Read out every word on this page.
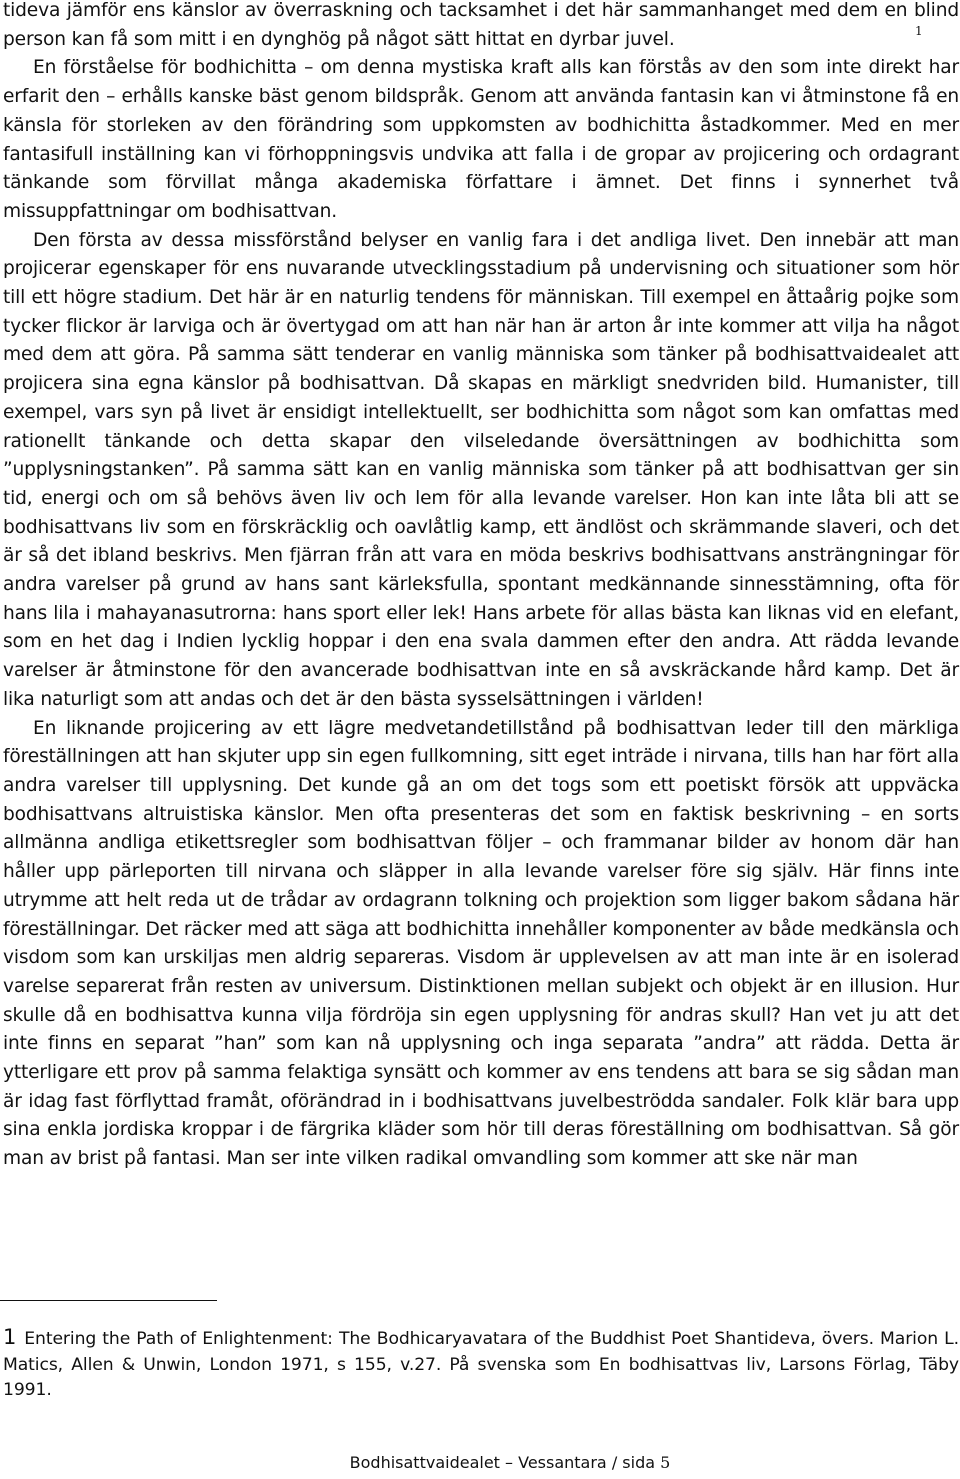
tideva jämför ens känslor av överraskning och tacksamhet i det här sammanhanget med dem en blind person kan få som mitt i en dynghög på något sätt hittat en dyrbar juvel.

En förståelse för bodhichitta – om denna mystiska kraft alls kan förstås av den som inte direkt har erfarit den – erhålls kanske bäst genom bildspråk. Genom att använda fantasin kan vi åtminstone få en känsla för storleken av den förändring som uppkomsten av bodhichitta åstadkommer. Med en mer fantasifull inställning kan vi förhoppningsvis undvika att falla i de gropar av projicering och ordagrant tänkande som förvillat många akademiska författare i ämnet. Det finns i synnerhet två missuppfattningar om bodhisattvan.

Den första av dessa missförstånd belyser en vanlig fara i det andliga livet. Den innebär att man projicerar egenskaper för ens nuvarande utvecklingsstadium på undervisning och situationer som hör till ett högre stadium. Det här är en naturlig tendens för människan. Till exempel en åttaårig pojke som tycker flickor är larviga och är övertygad om att han när han är arton år inte kommer att vilja ha något med dem att göra. På samma sätt tenderar en vanlig människa som tänker på bodhisattvaidealet att projicera sina egna känslor på bodhisattvan. Då skapas en märkligt snedvriden bild. Humanister, till exempel, vars syn på livet är ensidigt intellektuellt, ser bodhichitta som något som kan omfattas med rationellt tänkande och detta skapar den vilseledande översättningen av bodhichitta som ”upplysningstanken”. På samma sätt kan en vanlig människa som tänker på att bodhisattvan ger sin tid, energi och om så behövs även liv och lem för alla levande varelser. Hon kan inte låta bli att se bodhisattvans liv som en förskräcklig och oavlåtlig kamp, ett ändlöst och skrämmande slaveri, och det är så det ibland beskrivs. Men fjärran från att vara en möda beskrivs bodhisattvans ansträngningar för andra varelser på grund av hans sant kärleksfulla, spontant medkännande sinnesstämning, ofta för hans lila i mahayanasutrorna: hans sport eller lek! Hans arbete för allas bästa kan liknas vid en elefant, som en het dag i Indien lycklig hoppar i den ena svala dammen efter den andra. Att rädda levande varelser är åtminstone för den avancerade bodhisattvan inte en så avskräckande hård kamp. Det är lika naturligt som att andas och det är den bästa sysselsättningen i världen!

En liknande projicering av ett lägre medvetandetillstånd på bodhisattvan leder till den märkliga föreställningen att han skjuter upp sin egen fullkomning, sitt eget inträde i nirvana, tills han har fört alla andra varelser till upplysning. Det kunde gå an om det togs som ett poetiskt försök att uppväcka bodhisattvans altruistiska känslor. Men ofta presenteras det som en faktisk beskrivning – en sorts allmänna andliga etikettsregler som bodhisattvan följer – och frammanar bilder av honom där han håller upp pärleporten till nirvana och släpper in alla levande varelser före sig själv. Här finns inte utrymme att helt reda ut de trådar av ordagrann tolkning och projektion som ligger bakom sådana här föreställningar. Det räcker med att säga att bodhichitta innehåller komponenter av både medkänsla och visdom som kan urskiljas men aldrig separeras. Visdom är upplevelsen av att man inte är en isolerad varelse separerat från resten av universum. Distinktionen mellan subjekt och objekt är en illusion. Hur skulle då en bodhisattva kunna vilja fördröja sin egen upplysning för andras skull? Han vet ju att det inte finns en separat ”han” som kan nå upplysning och inga separata ”andra” att rädda. Detta är ytterligare ett prov på samma felaktiga synsätt och kommer av ens tendens att bara se sig sådan man är idag fast förflyttad framåt, oförändrad in i bodhisattvans juvelbeströdda sandaler. Folk klär bara upp sina enkla jordiska kroppar i de färgrika kläder som hör till deras föreställning om bodhisattvan. Så gör man av brist på fantasi. Man ser inte vilken radikal omvandling som kommer att ske när man

1
1 Entering the Path of Enlightenment: The Bodhicaryavatara of the Buddhist Poet Shantideva, övers. Marion L. Matics, Allen & Unwin, London 1971, s 155, v.27. På svenska som En bodhisattvas liv, Larsons Förlag, Täby 1991.
Bodhisattvaidealet – Vessantara / sida 5
